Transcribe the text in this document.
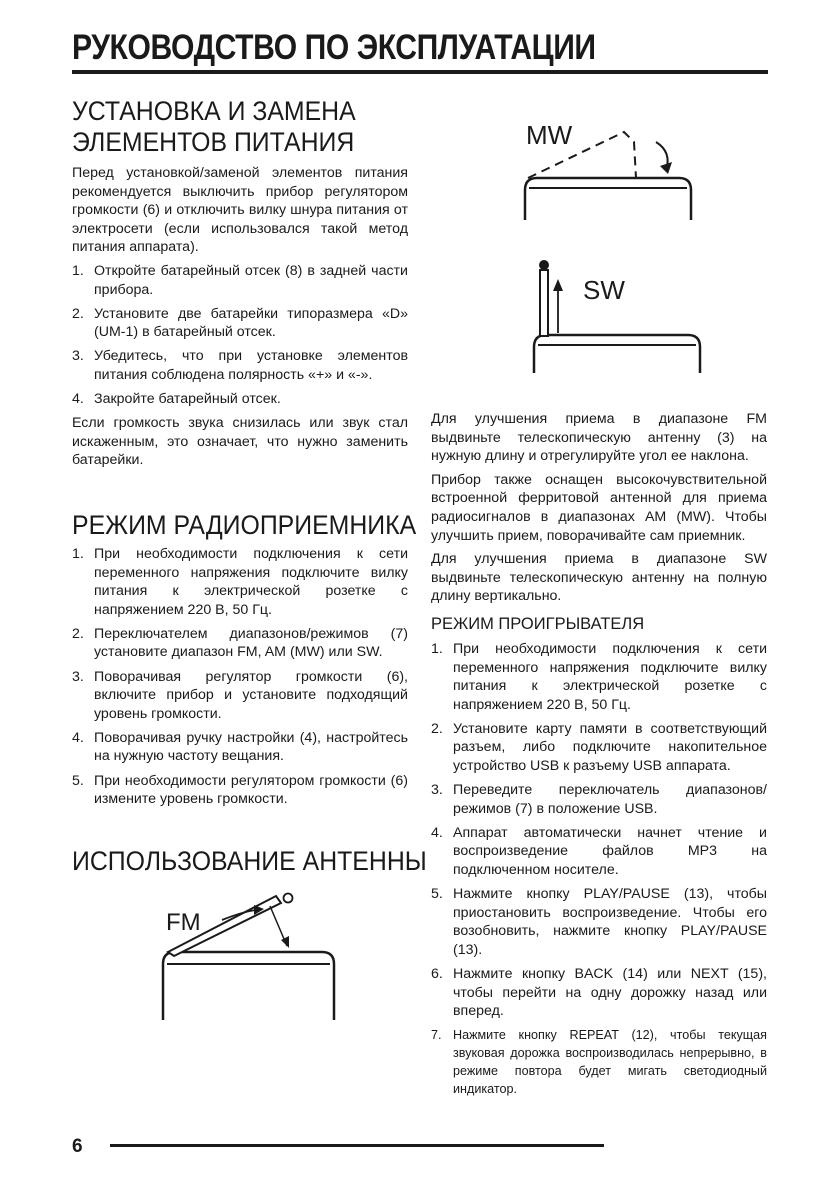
РУКОВОДСТВО ПО ЭКСПЛУАТАЦИИ
УСТАНОВКА И ЗАМЕНА
ЭЛЕМЕНТОВ ПИТАНИЯ

Перед установкой/заменой элементов питания рекомендуется выключить прибор регулятором громкости (6) и отключить вилку шнура питания от электросети (если использовался такой метод питания аппарата).

1. Откройте батарейный отсек (8) в задней части прибора.
2. Установите две батарейки типоразмера «D» (UM-1) в батарейный отсек.
3. Убедитесь, что при установке элементов питания соблюдена полярность «+» и «-».
4. Закройте батарейный отсек.

Если громкость звука снизилась или звук стал искаженным, это означает, что нужно заменить батарейки.

РЕЖИМ РАДИОПРИЕМНИКА
1. При необходимости подключения к сети переменного напряжения подключите вилку питания к электрической розетке с напряжением 220 В, 50 Гц.
2. Переключателем диапазонов/режимов (7) установите диапазон FM, AM (MW) или SW.
3. Поворачивая регулятор громкости (6), включите прибор и установите подходящий уровень громкости.
4. Поворачивая ручку настройки (4), настройтесь на нужную частоту вещания.
5. При необходимости регулятором громкости (6) измените уровень громкости.
ИСПОЛЬЗОВАНИЕ АНТЕННЫ
FM
MW
SW

Для улучшения приема в диапазоне FM выдвиньте телескопическую антенну (3) на нужную длину и отрегулируйте угол ее наклона.

Прибор также оснащен высокочувствительной встроенной ферритовой антенной для приема радиосигналов в диапазонах AM (MW). Чтобы улучшить прием, поворачивайте сам приемник.

Для улучшения приема в диапазоне SW выдвиньте телескопическую антенну на полную длину вертикально.

РЕЖИМ ПРОИГРЫВАТЕЛЯ
1. При необходимости подключения к сети переменного напряжения подключите вилку питания к электрической розетке с напряжением 220 В, 50 Гц.
2. Установите карту памяти в соответствующий разъем, либо подключите накопительное устройство USB к разъему USB аппарата.
3. Переведите переключатель диапазонов/режимов (7) в положение USB.
4. Аппарат автоматически начнет чтение и воспроизведение файлов MP3 на подключенном носителе.
5. Нажмите кнопку PLAY/PAUSE (13), чтобы приостановить воспроизведение. Чтобы его возобновить, нажмите кнопку PLAY/PAUSE (13).
6. Нажмите кнопку BACK (14) или NEXT (15), чтобы перейти на одну дорожку назад или вперед.
7. Нажмите кнопку REPEAT (12), чтобы текущая звуковая дорожка воспроизводилась непрерывно, в режиме повтора будет мигать светодиодный индикатор.
6
